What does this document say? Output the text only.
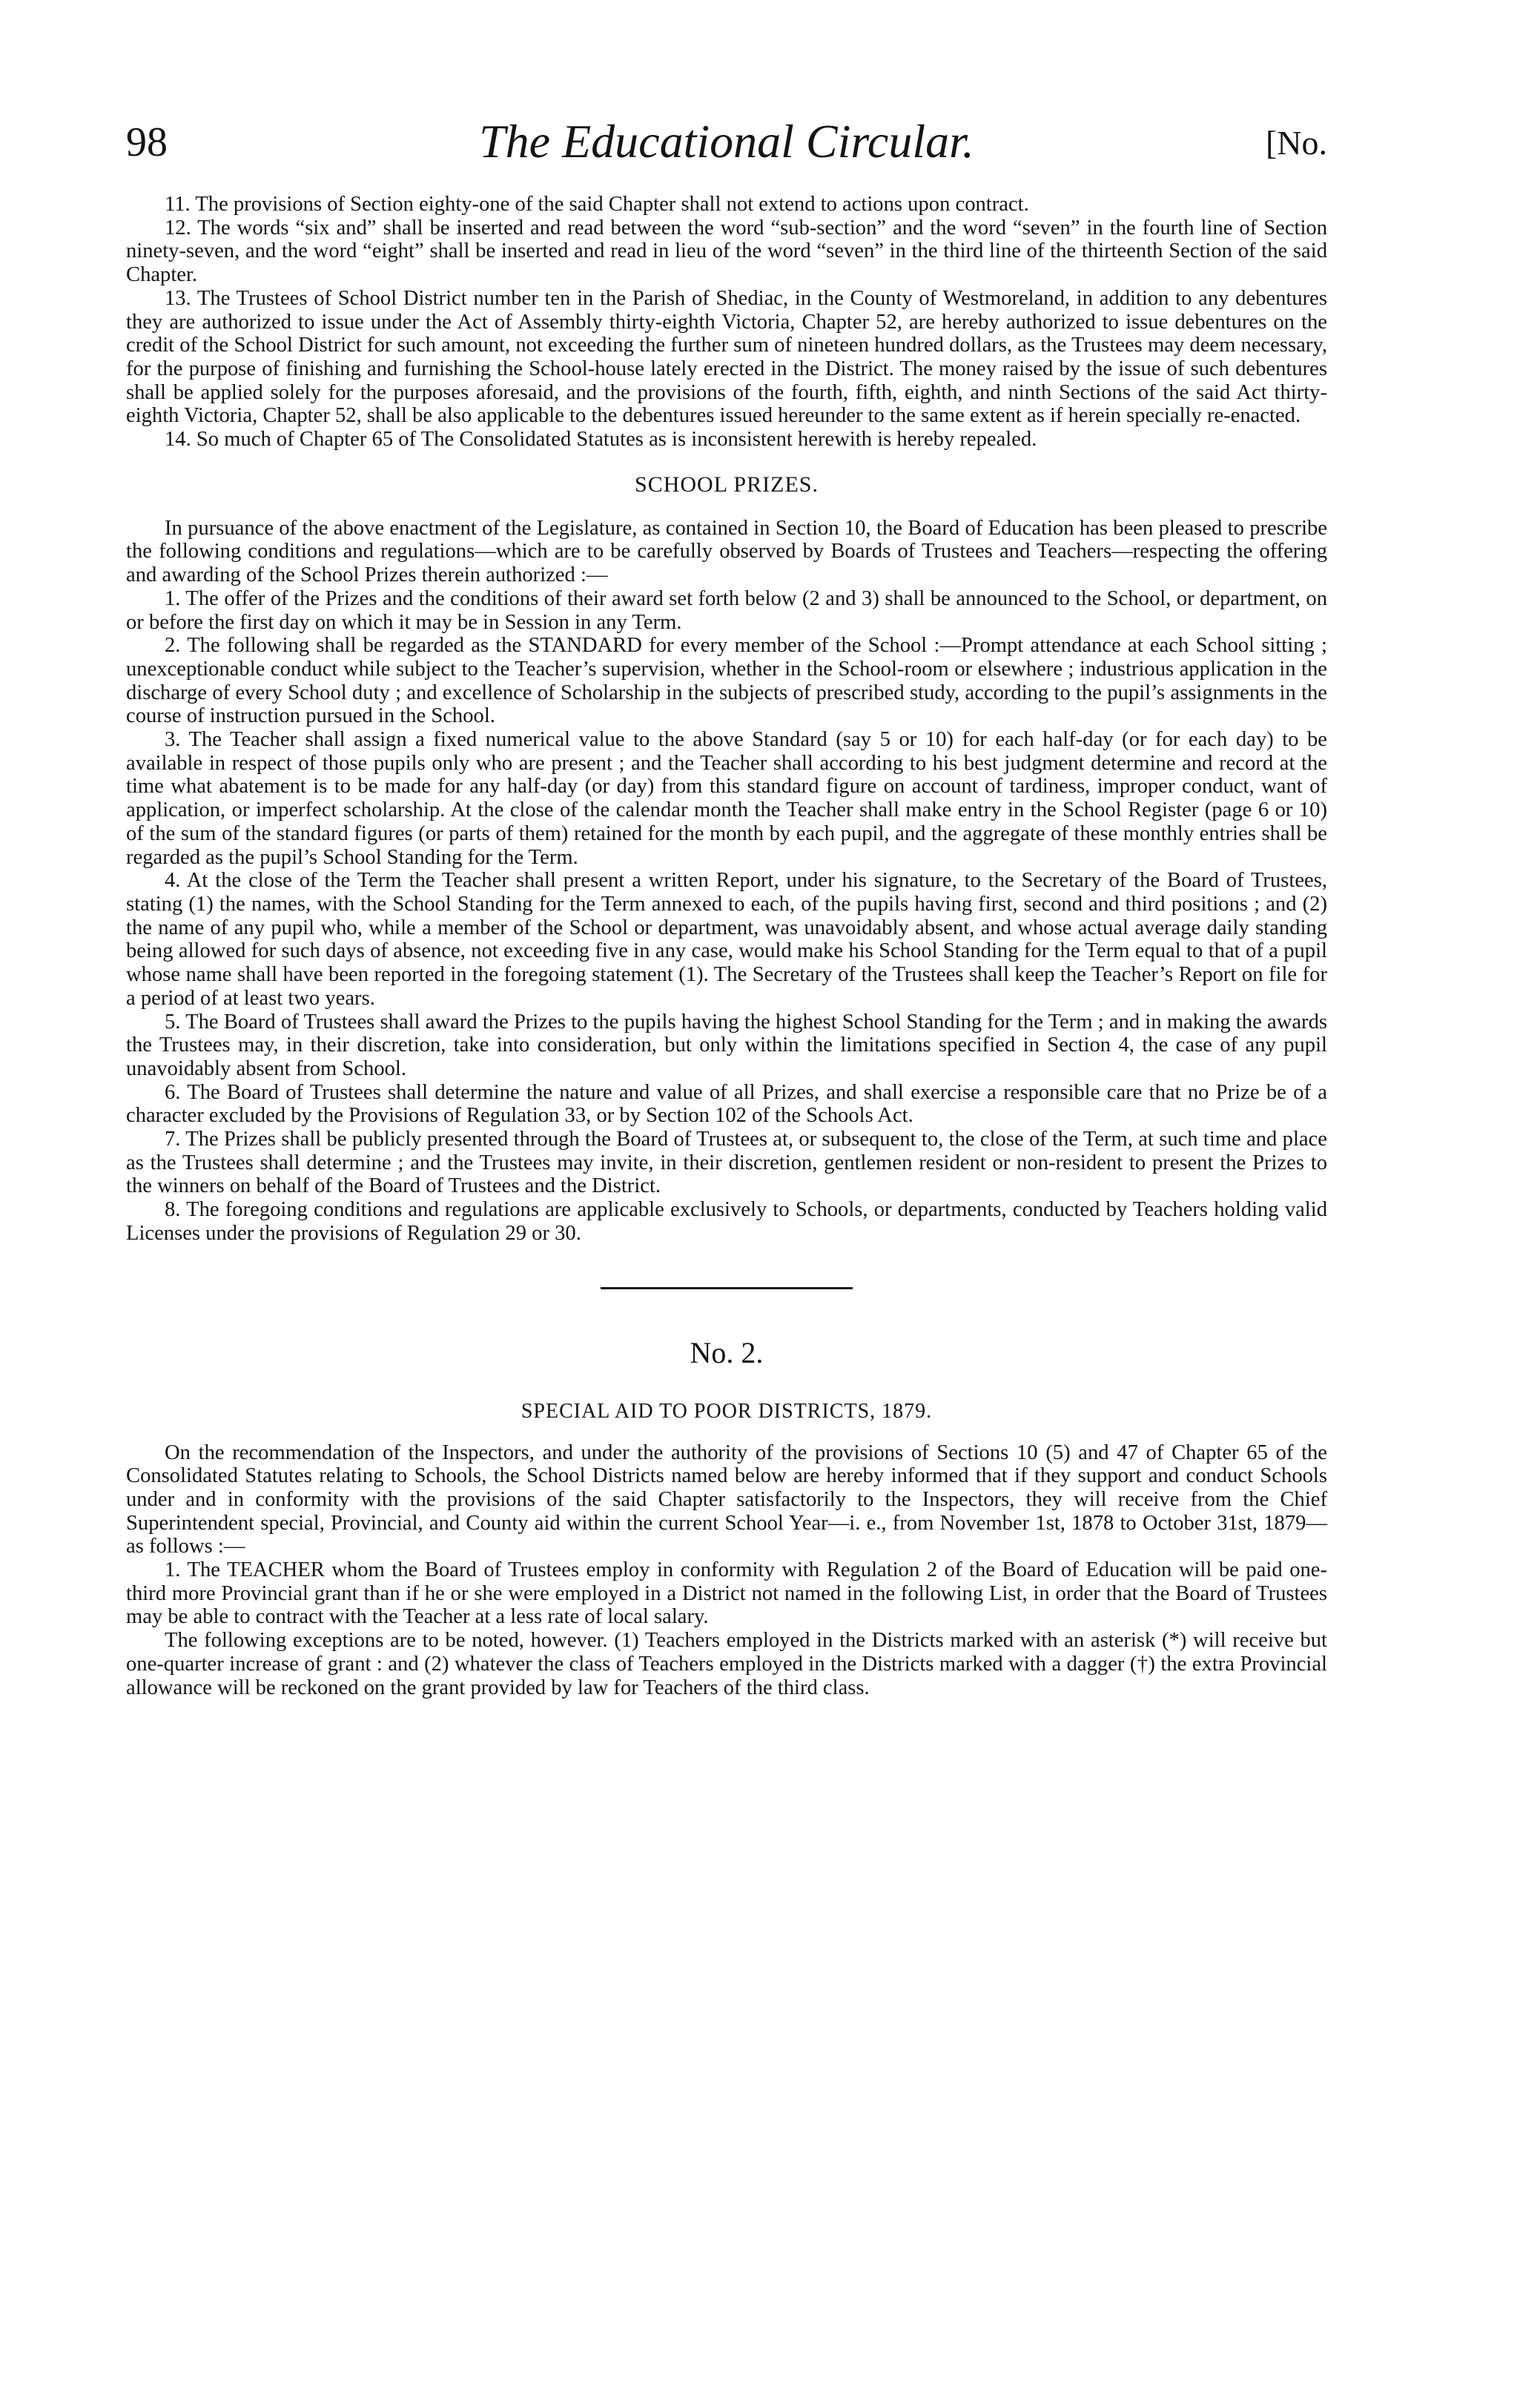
98	The Educational Circular.	[No.

11. The provisions of Section eighty-one of the said Chapter shall not extend to actions upon contract.

12. The words “six and” shall be inserted and read between the word “sub-section” and the word “seven” in the fourth line of Section ninety-seven, and the word “eight” shall be inserted and read in lieu of the word “seven” in the third line of the thirteenth Section of the said Chapter.

13. The Trustees of School District number ten in the Parish of Shediac, in the County of Westmoreland, in addition to any debentures they are authorized to issue under the Act of Assembly thirty-eighth Victoria, Chapter 52, are hereby authorized to issue debentures on the credit of the School District for such amount, not exceeding the further sum of nineteen hundred dollars, as the Trustees may deem necessary, for the purpose of finishing and furnishing the School-house lately erected in the District. The money raised by the issue of such debentures shall be applied solely for the purposes aforesaid, and the provisions of the fourth, fifth, eighth, and ninth Sections of the said Act thirty-eighth Victoria, Chapter 52, shall be also applicable to the debentures issued hereunder to the same extent as if herein specially re-enacted.

14. So much of Chapter 65 of The Consolidated Statutes as is inconsistent herewith is hereby repealed.

SCHOOL PRIZES.

In pursuance of the above enactment of the Legislature, as contained in Section 10, the Board of Education has been pleased to prescribe the following conditions and regulations—which are to be carefully observed by Boards of Trustees and Teachers—respecting the offering and awarding of the School Prizes therein authorized :—

1. The offer of the Prizes and the conditions of their award set forth below (2 and 3) shall be announced to the School, or department, on or before the first day on which it may be in Session in any Term.

2. The following shall be regarded as the STANDARD for every member of the School :—Prompt attendance at each School sitting ; unexceptionable conduct while subject to the Teacher’s supervision, whether in the School-room or elsewhere ; industrious application in the discharge of every School duty ; and excellence of Scholarship in the subjects of prescribed study, according to the pupil’s assignments in the course of instruction pursued in the School.

3. The Teacher shall assign a fixed numerical value to the above Standard (say 5 or 10) for each half-day (or for each day) to be available in respect of those pupils only who are present ; and the Teacher shall according to his best judgment determine and record at the time what abatement is to be made for any half-day (or day) from this standard figure on account of tardiness, improper conduct, want of application, or imperfect scholarship. At the close of the calendar month the Teacher shall make entry in the School Register (page 6 or 10) of the sum of the standard figures (or parts of them) retained for the month by each pupil, and the aggregate of these monthly entries shall be regarded as the pupil’s School Standing for the Term.

4. At the close of the Term the Teacher shall present a written Report, under his signature, to the Secretary of the Board of Trustees, stating (1) the names, with the School Standing for the Term annexed to each, of the pupils having first, second and third positions ; and (2) the name of any pupil who, while a member of the School or department, was unavoidably absent, and whose actual average daily standing being allowed for such days of absence, not exceeding five in any case, would make his School Standing for the Term equal to that of a pupil whose name shall have been reported in the foregoing statement (1). The Secretary of the Trustees shall keep the Teacher’s Report on file for a period of at least two years.

5. The Board of Trustees shall award the Prizes to the pupils having the highest School Standing for the Term ; and in making the awards the Trustees may, in their discretion, take into consideration, but only within the limitations specified in Section 4, the case of any pupil unavoidably absent from School.

6. The Board of Trustees shall determine the nature and value of all Prizes, and shall exercise a responsible care that no Prize be of a character excluded by the Provisions of Regulation 33, or by Section 102 of the Schools Act.

7. The Prizes shall be publicly presented through the Board of Trustees at, or subsequent to, the close of the Term, at such time and place as the Trustees shall determine ; and the Trustees may invite, in their discretion, gentlemen resident or non-resident to present the Prizes to the winners on behalf of the Board of Trustees and the District.

8. The foregoing conditions and regulations are applicable exclusively to Schools, or departments, conducted by Teachers holding valid Licenses under the provisions of Regulation 29 or 30.

No. 2.
SPECIAL AID TO POOR DISTRICTS, 1879.

On the recommendation of the Inspectors, and under the authority of the provisions of Sections 10 (5) and 47 of Chapter 65 of the Consolidated Statutes relating to Schools, the School Districts named below are hereby informed that if they support and conduct Schools under and in conformity with the provisions of the said Chapter satisfactorily to the Inspectors, they will receive from the Chief Superintendent special, Provincial, and County aid within the current School Year—i. e., from November 1st, 1878 to October 31st, 1879—as follows :—

1. The TEACHER whom the Board of Trustees employ in conformity with Regulation 2 of the Board of Education will be paid one-third more Provincial grant than if he or she were employed in a District not named in the following List, in order that the Board of Trustees may be able to contract with the Teacher at a less rate of local salary.

The following exceptions are to be noted, however. (1) Teachers employed in the Districts marked with an asterisk (*) will receive but one-quarter increase of grant : and (2) whatever the class of Teachers employed in the Districts marked with a dagger (†) the extra Provincial allowance will be reckoned on the grant provided by law for Teachers of the third class.
